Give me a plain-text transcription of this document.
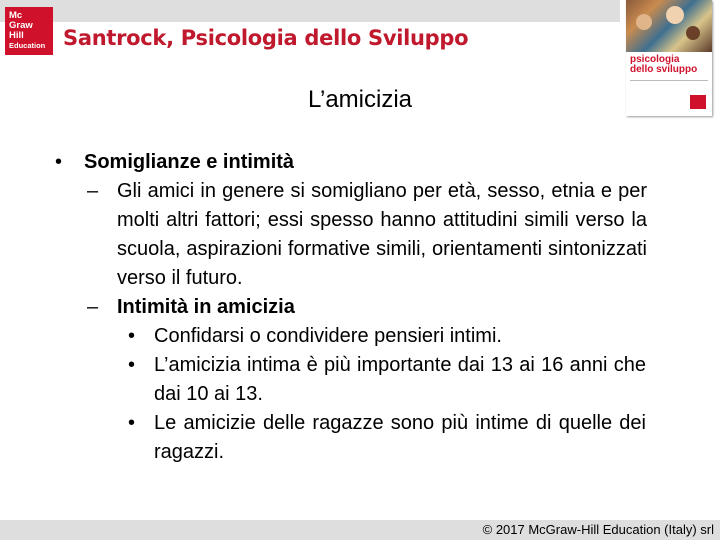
Mc
Graw
Hill
Education Santrock, Psicologia dello Sviluppo
psicologia
dello sviluppo
L’amicizia
• Somiglianze e intimità
– Gli amici in genere si somigliano per età, sesso, etnia e per molti altri fattori; essi spesso hanno attitudini simili verso la scuola, aspirazioni formative simili, orientamenti sintonizzati verso il futuro.
– Intimità in amicizia
• Confidarsi o condividere pensieri intimi.
• L’amicizia intima è più importante dai 13 ai 16 anni che dai 10 ai 13.
• Le amicizie delle ragazze sono più intime di quelle dei ragazzi.
© 2017 McGraw-Hill Education (Italy) srl
